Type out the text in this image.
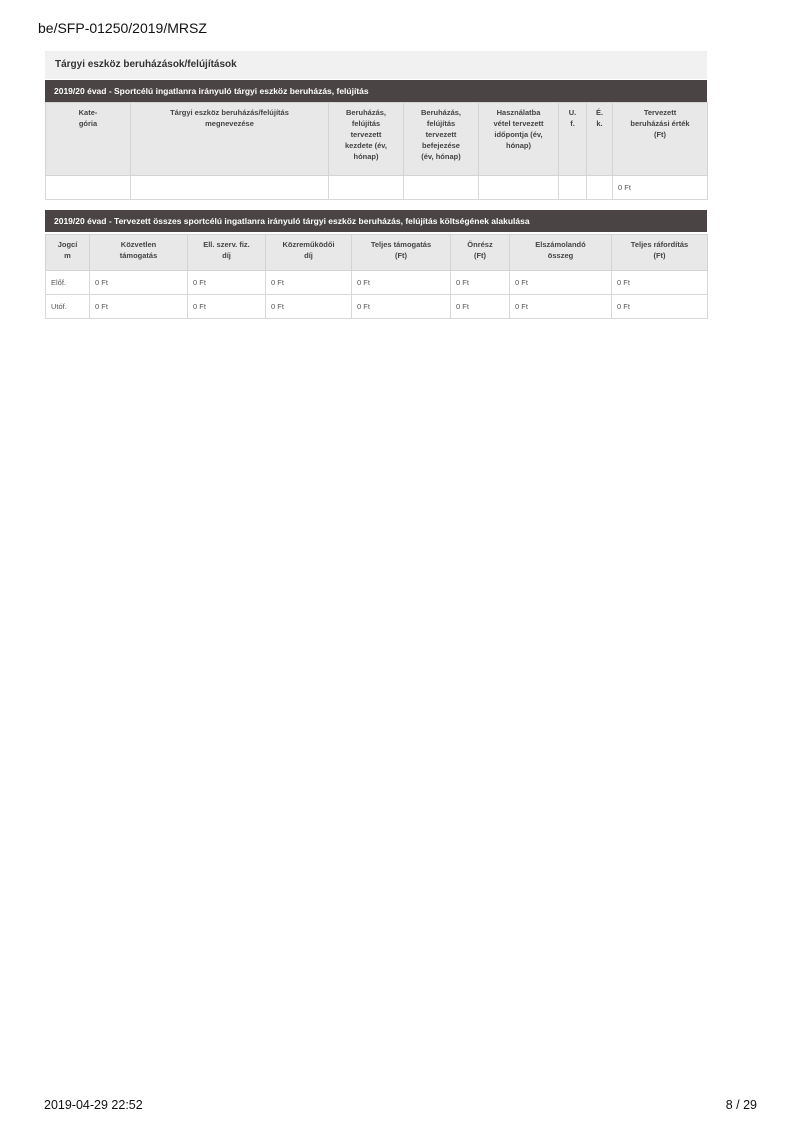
be/SFP-01250/2019/MRSZ
Tárgyi eszköz beruházások/felújítások
2019/20 évad - Sportcélú ingatlanra irányuló tárgyi eszköz beruházás, felújítás
Kate-
gória	Tárgyi eszköz beruházás/felújítás
megnevezése	Beruházás,
felújítás
tervezett
kezdete (év,
hónap)	Beruházás,
felújítás
tervezett
befejezése
(év, hónap)	Használatba
vétel tervezett
időpontja (év,
hónap)	U.
f.	É.
k.	Tervezett
beruházási érték
(Ft)
							0 Ft
2019/20 évad - Tervezett összes sportcélú ingatlanra irányuló tárgyi eszköz beruházás, felújítás költségének alakulása
Jogcí
m	Közvetlen
támogatás	Ell. szerv. fiz.
díj	Közreműködői
díj	Teljes támogatás
(Ft)	Önrész
(Ft)	Elszámolandó
összeg	Teljes ráfordítás
(Ft)
Előf.	0 Ft	0 Ft	0 Ft	0 Ft	0 Ft	0 Ft	0 Ft
Utóf.	0 Ft	0 Ft	0 Ft	0 Ft	0 Ft	0 Ft	0 Ft
2019-04-29 22:52	8 / 29
